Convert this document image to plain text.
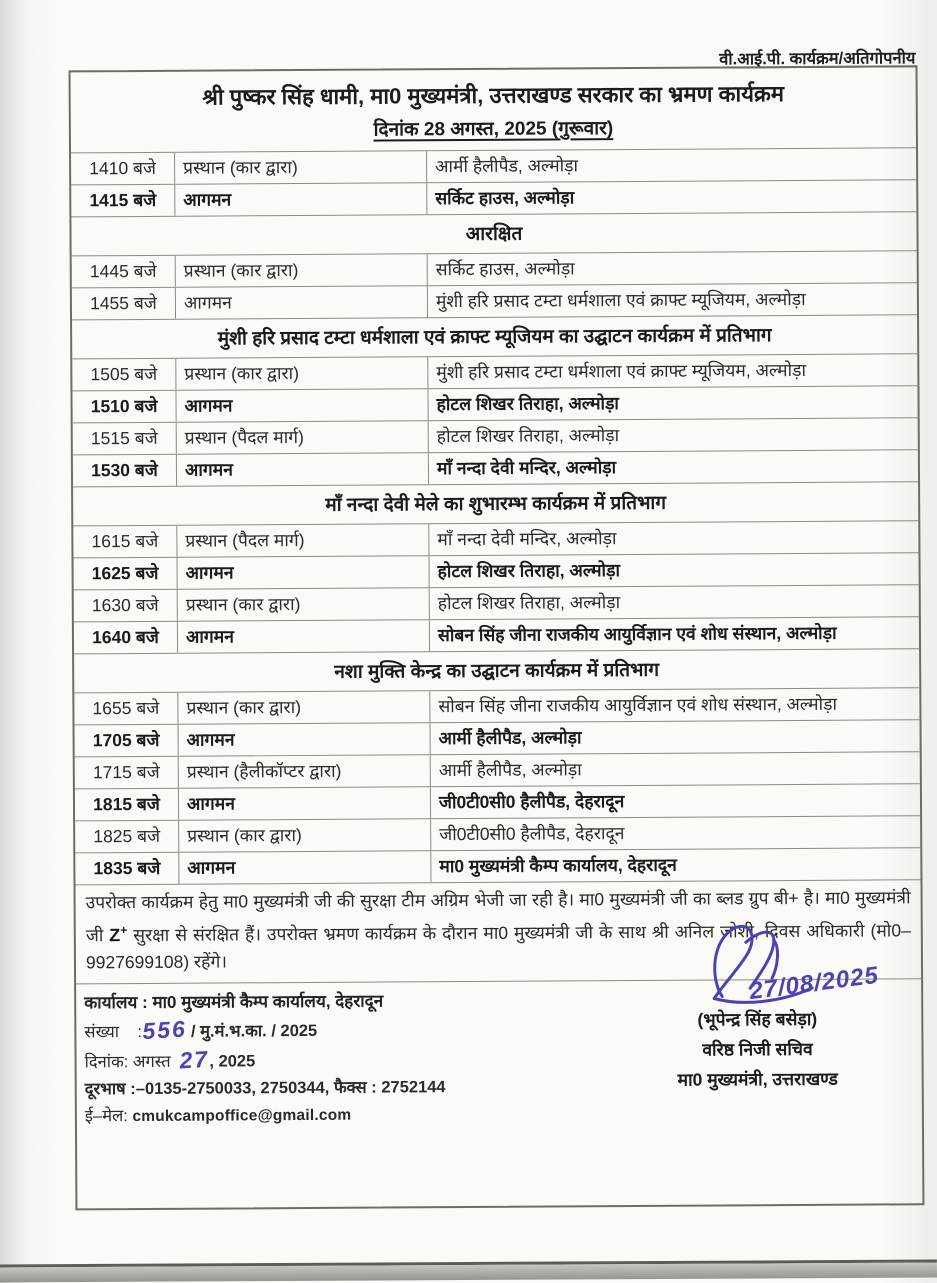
वी.आई.पी. कार्यक्रम/अतिगोपनीय
श्री पुष्कर सिंह धामी, मा0 मुख्यमंत्री, उत्तराखण्ड सरकार का भ्रमण कार्यक्रम
दिनांक 28 अगस्त, 2025 (गुरूवार)
1410 बजे	प्रस्थान (कार द्वारा)	आर्मी हैलीपैड, अल्मोड़ा
1415 बजे	आगमन	सर्किट हाउस, अल्मोड़ा
आरक्षित
1445 बजे	प्रस्थान (कार द्वारा)	सर्किट हाउस, अल्मोड़ा
1455 बजे	आगमन	मुंशी हरि प्रसाद टम्टा धर्मशाला एवं क्राफ्ट म्यूजियम, अल्मोड़ा
मुंशी हरि प्रसाद टम्टा धर्मशाला एवं क्राफ्ट म्यूजियम का उद्घाटन कार्यक्रम में प्रतिभाग
1505 बजे	प्रस्थान (कार द्वारा)	मुंशी हरि प्रसाद टम्टा धर्मशाला एवं क्राफ्ट म्यूजियम, अल्मोड़ा
1510 बजे	आगमन	होटल शिखर तिराहा, अल्मोड़ा
1515 बजे	प्रस्थान (पैदल मार्ग)	होटल शिखर तिराहा, अल्मोड़ा
1530 बजे	आगमन	माँ नन्दा देवी मन्दिर, अल्मोड़ा
माँ नन्दा देवी मेले का शुभारम्भ कार्यक्रम में प्रतिभाग
1615 बजे	प्रस्थान (पैदल मार्ग)	माँ नन्दा देवी मन्दिर, अल्मोड़ा
1625 बजे	आगमन	होटल शिखर तिराहा, अल्मोड़ा
1630 बजे	प्रस्थान (कार द्वारा)	होटल शिखर तिराहा, अल्मोड़ा
1640 बजे	आगमन	सोबन सिंह जीना राजकीय आयुर्विज्ञान एवं शोध संस्थान, अल्मोड़ा
नशा मुक्ति केन्द्र का उद्घाटन कार्यक्रम में प्रतिभाग
1655 बजे	प्रस्थान (कार द्वारा)	सोबन सिंह जीना राजकीय आयुर्विज्ञान एवं शोध संस्थान, अल्मोड़ा
1705 बजे	आगमन	आर्मी हैलीपैड, अल्मोड़ा
1715 बजे	प्रस्थान (हैलीकॉप्टर द्वारा)	आर्मी हैलीपैड, अल्मोड़ा
1815 बजे	आगमन	जी0टी0सी0 हैलीपैड, देहरादून
1825 बजे	प्रस्थान (कार द्वारा)	जी0टी0सी0 हैलीपैड, देहरादून
1835 बजे	आगमन	मा0 मुख्यमंत्री कैम्प कार्यालय, देहरादून
उपरोक्त कार्यक्रम हेतु मा0 मुख्यमंत्री जी की सुरक्षा टीम अग्रिम भेजी जा रही है। मा0 मुख्यमंत्री जी का ब्लड ग्रुप बी+ है। मा0 मुख्यमंत्री जी Z+ सुरक्षा से संरक्षित हैं। उपरोक्त भ्रमण कार्यक्रम के दौरान मा0 मुख्यमंत्री जी के साथ श्री अनिल जोशी, दिवस अधिकारी (मो0–9927699108) रहेंगे।
कार्यालय : मा0 मुख्यमंत्री कैम्प कार्यालय, देहरादून
संख्या :556 / मु.मं.भ.का. / 2025
दिनांक: अगस्त 27, 2025
दूरभाष :–0135-2750033, 2750344, फैक्स : 2752144
ई–मेल: cmukcampoffice@gmail.com
27/08/2025
(भूपेन्द्र सिंह बसेड़ा)
वरिष्ठ निजी सचिव
मा0 मुख्यमंत्री, उत्तराखण्ड
